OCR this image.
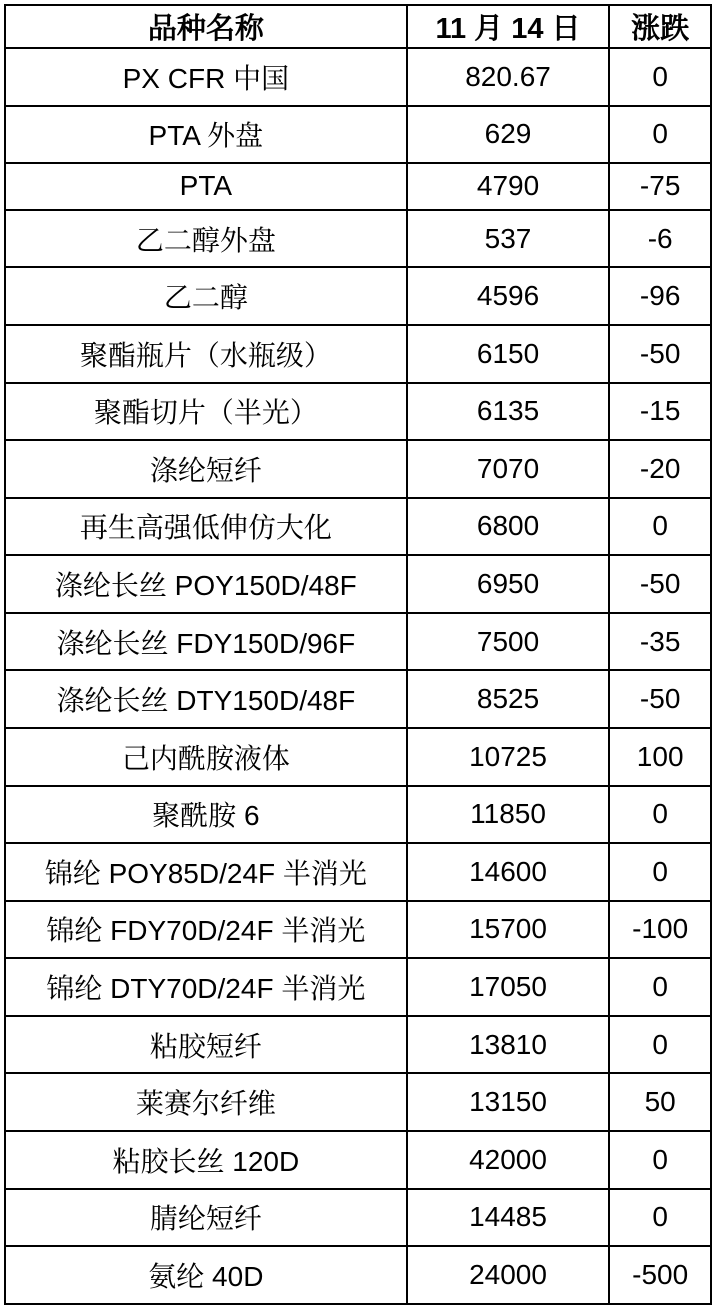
品种名称	11 月 14 日	涨跌
PX CFR 中国	820.67	0
PTA 外盘	629	0
PTA	4790	-75
乙二醇外盘	537	-6
乙二醇	4596	-96
聚酯瓶片（水瓶级）	6150	-50
聚酯切片（半光）	6135	-15
涤纶短纤	7070	-20
再生高强低伸仿大化	6800	0
涤纶长丝 POY150D/48F	6950	-50
涤纶长丝 FDY150D/96F	7500	-35
涤纶长丝 DTY150D/48F	8525	-50
己内酰胺液体	10725	100
聚酰胺 6	11850	0
锦纶 POY85D/24F 半消光	14600	0
锦纶 FDY70D/24F 半消光	15700	-100
锦纶 DTY70D/24F 半消光	17050	0
粘胶短纤	13810	0
莱赛尔纤维	13150	50
粘胶长丝 120D	42000	0
腈纶短纤	14485	0
氨纶 40D	24000	-500
